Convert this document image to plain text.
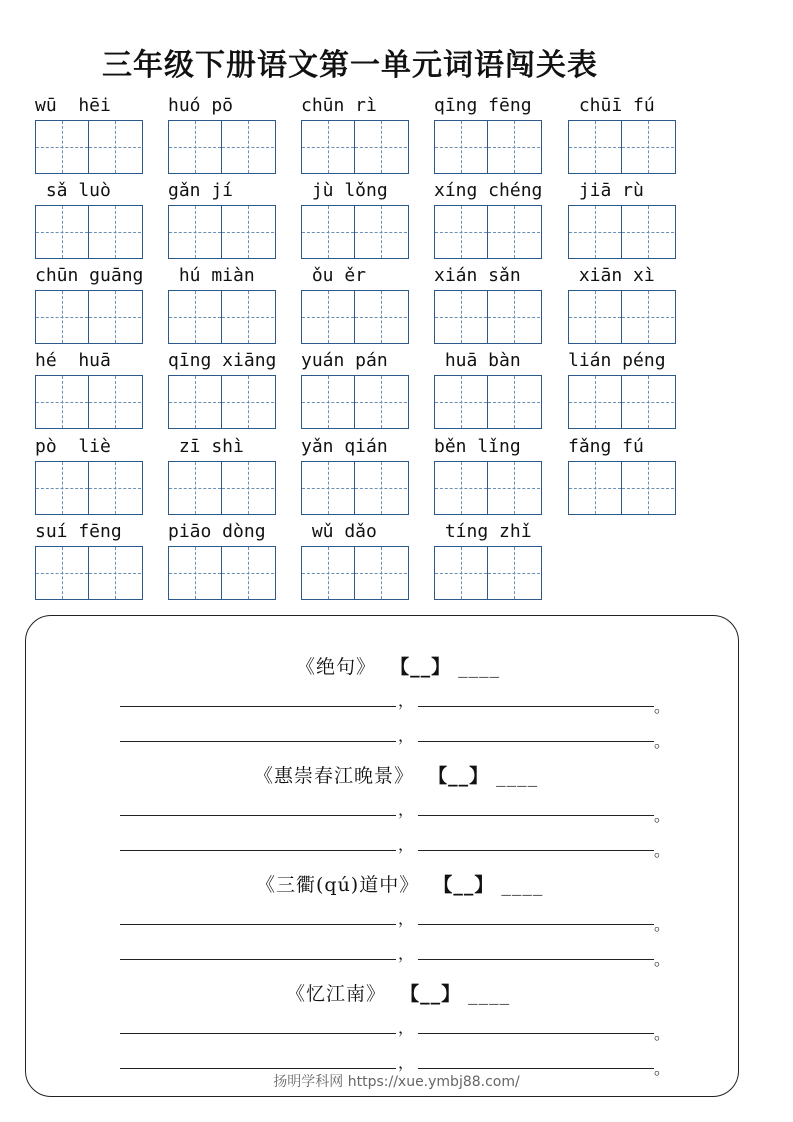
三年级下册语文第一单元词语闯关表
wū  hēi	huó pō	chūn rì	qīng fēng	chūī fú
sǎ luò	gǎn jí	jù lǒng	xíng chéng	jiā rù
chūn guāng	hú miàn	ǒu ěr	xián sǎn	xiān xì
hé  huā	qīng xiāng	yuán pán	huā bàn	lián péng
pò  liè	zī shì	yǎn qián	běn lǐng	fǎng fú
suí fēng	piāo dòng	wǔ dǎo	tíng zhǐ
《绝句》 【__】 ____
，	。
，	。
《惠崇春江晚景》 【__】 ____
，	。
，	。
《三衢(qú)道中》 【__】 ____
，	。
，	。
《忆江南》 【__】 ____
，	。
，	。
扬明学科网 https://xue.ymbj88.com/
